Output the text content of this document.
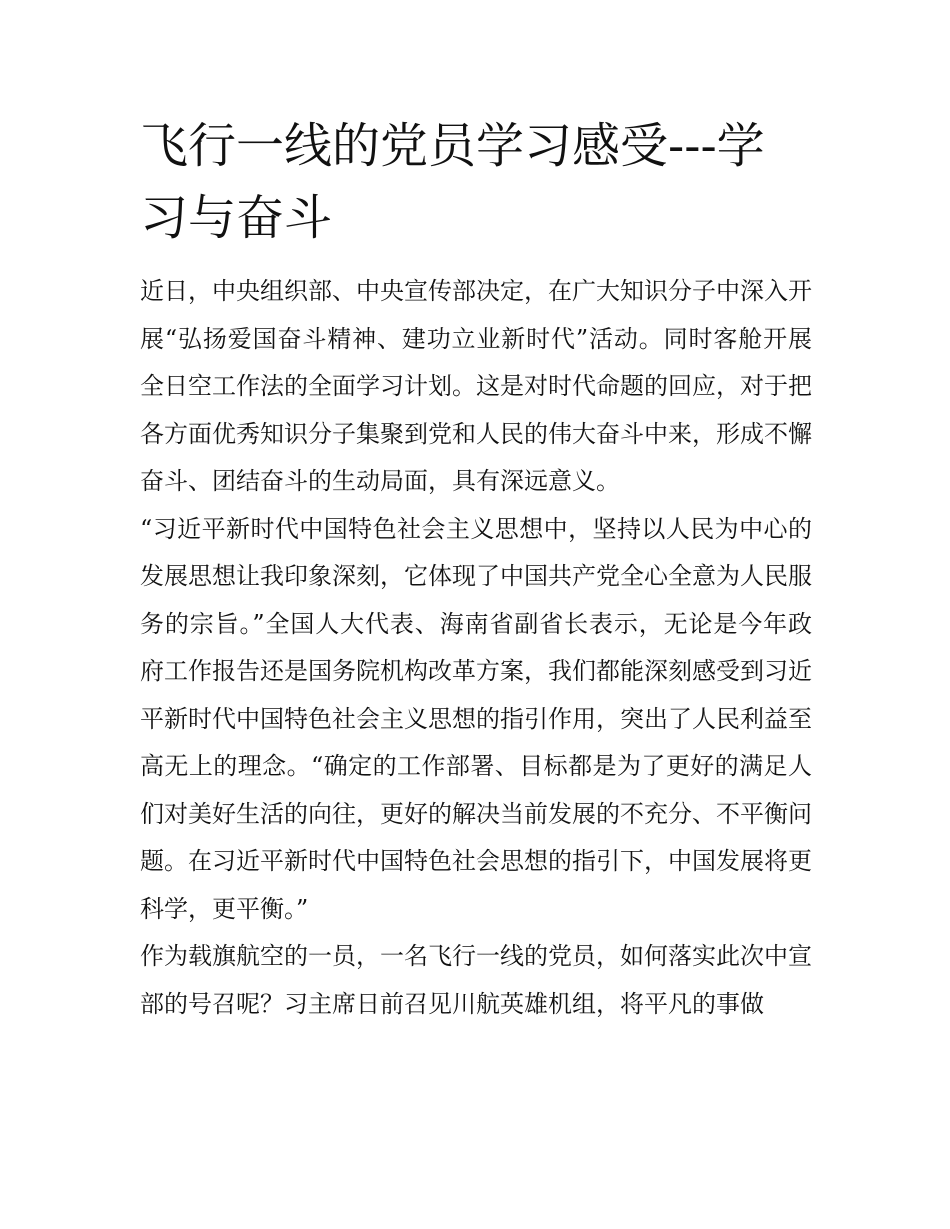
飞行一线的党员学习感受---学习与奋斗

近日，中央组织部、中央宣传部决定，在广大知识分子中深入开展“弘扬爱国奋斗精神、建功立业新时代”活动。同时客舱开展全日空工作法的全面学习计划。这是对时代命题的回应，对于把各方面优秀知识分子集聚到党和人民的伟大奋斗中来，形成不懈奋斗、团结奋斗的生动局面，具有深远意义。

“习近平新时代中国特色社会主义思想中，坚持以人民为中心的发展思想让我印象深刻，它体现了中国共产党全心全意为人民服务的宗旨。”全国人大代表、海南省副省长表示，无论是今年政府工作报告还是国务院机构改革方案，我们都能深刻感受到习近平新时代中国特色社会主义思想的指引作用，突出了人民利益至高无上的理念。“确定的工作部署、目标都是为了更好的满足人们对美好生活的向往，更好的解决当前发展的不充分、不平衡问题。在习近平新时代中国特色社会思想的指引下，中国发展将更科学，更平衡。”

作为载旗航空的一员，一名飞行一线的党员，如何落实此次中宣部的号召呢？习主席日前召见川航英雄机组，将平凡的事做
